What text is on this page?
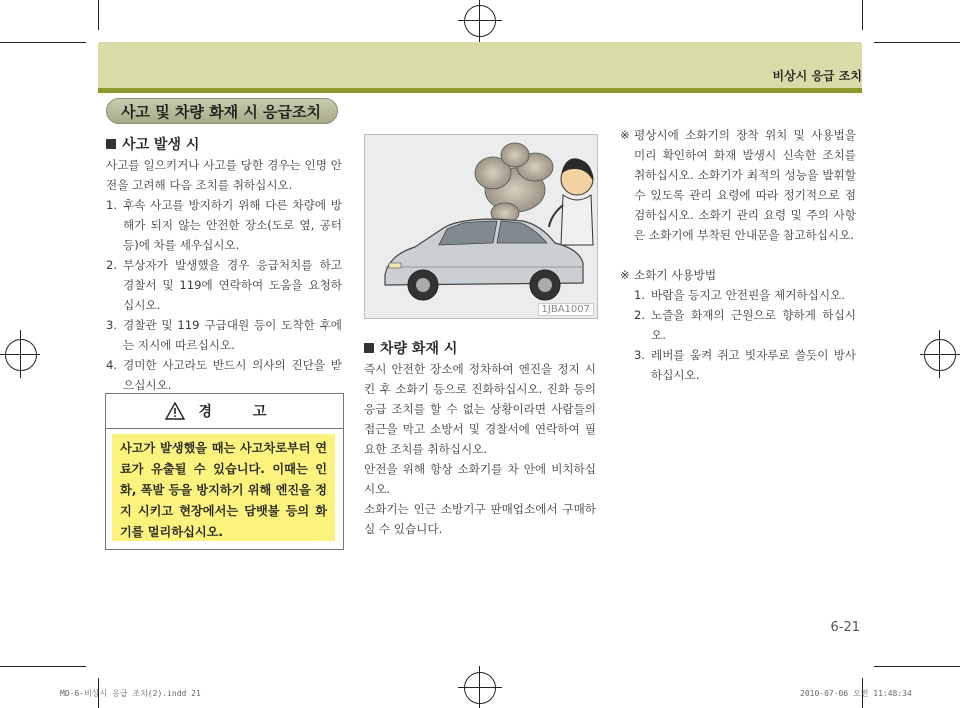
비상시 응급 조치
사고 및 차량 화재 시 응급조치
사고 발생 시
사고를 일으키거나 사고를 당한 경우는 인명 안전을 고려해 다음 조치를 취하십시오.
1. 후속 사고를 방지하기 위해 다른 차량에 방해가 되지 않는 안전한 장소(도로 옆, 공터 등)에 차를 세우십시오.
2. 부상자가 발생했을 경우 응급처치를 하고 경찰서 및 119에 연락하여 도움을 요청하십시오.
3. 경찰관 및 119 구급대원 등이 도착한 후에는 지시에 따르십시오.
4. 경미한 사고라도 반드시 의사의 진단을 받으십시오.
경 고
사고가 발생했을 때는 사고차로부터 연료가 유출될 수 있습니다. 이때는 인화, 폭발 등을 방지하기 위해 엔진을 정지 시키고 현장에서는 담뱃불 등의 화기를 멀리하십시오.
1JBA1007
차량 화재 시
즉시 안전한 장소에 정차하여 엔진을 정지 시킨 후 소화기 등으로 진화하십시오. 진화 등의 응급 조치를 할 수 없는 상황이라면 사람들의 접근을 막고 소방서 및 경찰서에 연락하여 필요한 조치를 취하십시오.
안전을 위해 항상 소화기를 차 안에 비치하십시오.
소화기는 인근 소방기구 판매업소에서 구매하실 수 있습니다.
※ 평상시에 소화기의 장착 위치 및 사용법을 미리 확인하여 화재 발생시 신속한 조치를 취하십시오. 소화기가 최적의 성능을 발휘할 수 있도록 관리 요령에 따라 정기적으로 점검하십시오. 소화기 관리 요령 및 주의 사항은 소화기에 부착된 안내문을 참고하십시오.
※ 소화기 사용방법
1. 바람을 등지고 안전핀을 제거하십시오.
2. 노즐을 화재의 근원으로 향하게 하십시오.
3. 레버를 움켜 쥐고 빗자루로 쓸듯이 방사하십시오.
6-21
MD-6-비상시 응급 조치(2).indd 21	2010-07-06 오전 11:48:34
